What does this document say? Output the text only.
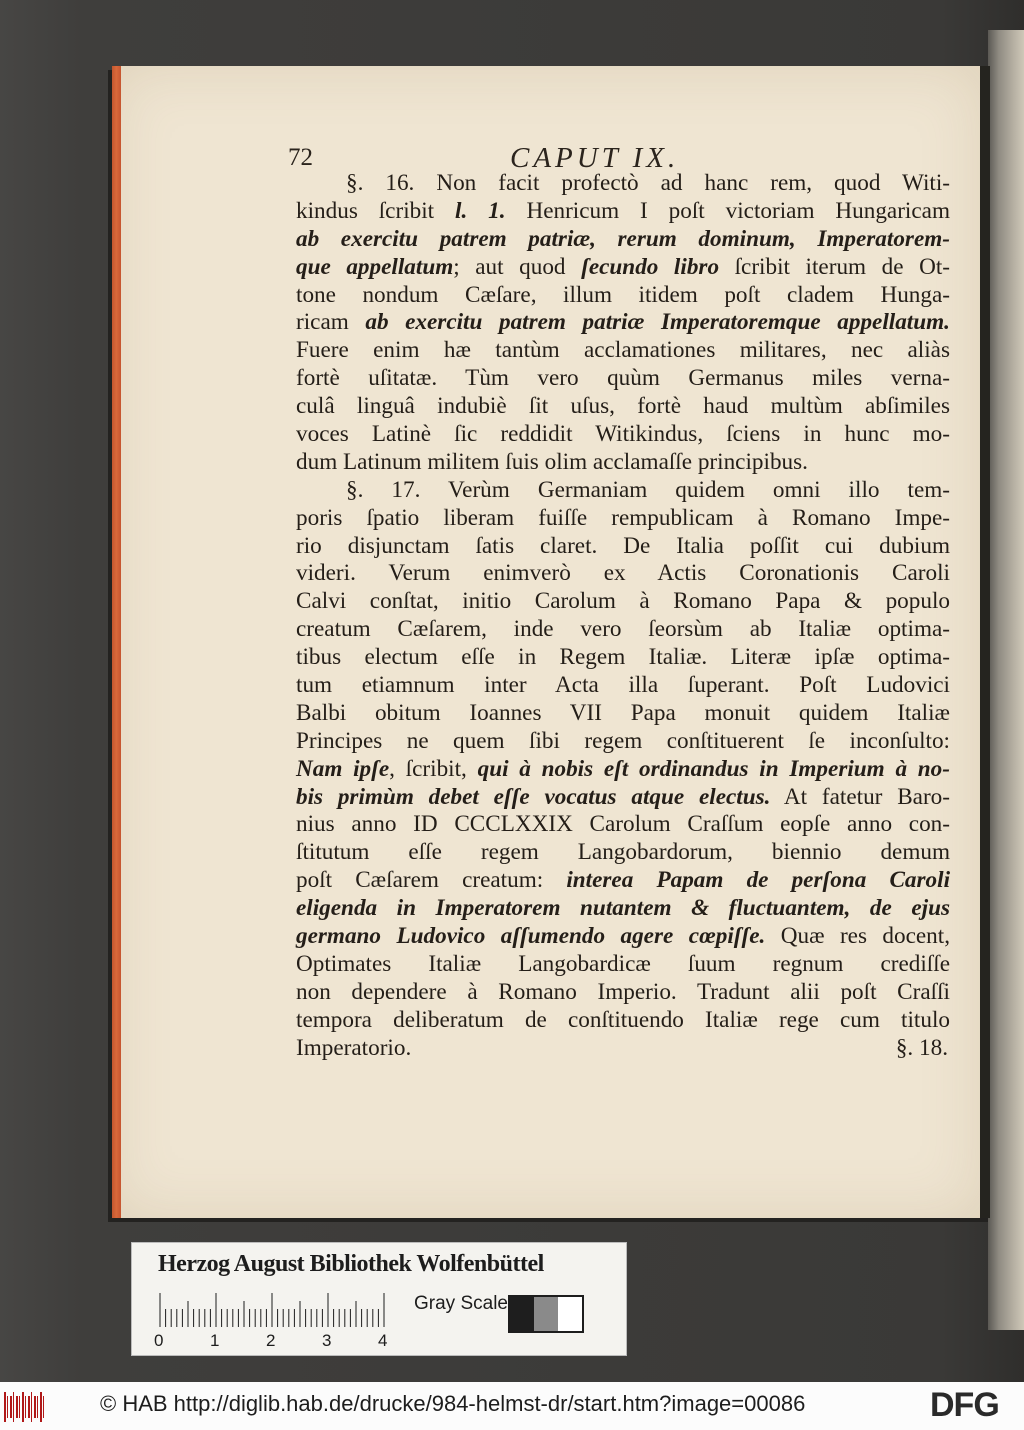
72	CAPUT IX.
§. 16. Non facit profectò ad hanc rem, quod Witi-
kindus ſcribit l. 1. Henricum I poſt victoriam Hungaricam
ab exercitu patrem patriæ, rerum dominum, Imperatorem-
que appellatum; aut quod ſecundo libro ſcribit iterum de Ot-
tone nondum Cæſare, illum itidem poſt cladem Hunga-
ricam ab exercitu patrem patriæ Imperatoremque appellatum.
Fuere enim hæ tantùm acclamationes militares, nec aliàs
fortè uſitatæ. Tùm vero quùm Germanus miles verna-
culâ linguâ indubiè ſit uſus, fortè haud multùm abſimiles
voces Latinè ſic reddidit Witikindus, ſciens in hunc mo-
dum Latinum militem ſuis olim acclamaſſe principibus.
§. 17. Verùm Germaniam quidem omni illo tem-
poris ſpatio liberam fuiſſe rempublicam à Romano Impe-
rio disjunctam ſatis claret. De Italia poſſit cui dubium
videri. Verum enimverò ex Actis Coronationis Caroli
Calvi conſtat, initio Carolum à Romano Papa & populo
creatum Cæſarem, inde vero ſeorsùm ab Italiæ optima-
tibus electum eſſe in Regem Italiæ. Literæ ipſæ optima-
tum etiamnum inter Acta illa ſuperant. Poſt Ludovici
Balbi obitum Ioannes VII Papa monuit quidem Italiæ
Principes ne quem ſibi regem conſtituerent ſe inconſulto:
Nam ipſe, ſcribit, qui à nobis eſt ordinandus in Imperium à no-
bis primùm debet eſſe vocatus atque electus. At fatetur Baro-
nius anno ID CCCLXXIX Carolum Craſſum eopſe anno con-
ſtitutum eſſe regem Langobardorum, biennio demum
poſt Cæſarem creatum: interea Papam de perſona Caroli
eligenda in Imperatorem nutantem & fluctuantem, de ejus
germano Ludovico aſſumendo agere cœpiſſe. Quæ res docent,
Optimates Italiæ Langobardicæ ſuum regnum crediſſe
non dependere à Romano Imperio. Tradunt alii poſt Craſſi
tempora deliberatum de conſtituendo Italiæ rege cum titulo
Imperatorio.	§. 18.
Herzog August Bibliothek Wolfenbüttel
0	1	2	3	4
Gray Scale
© HAB http://diglib.hab.de/drucke/984-helmst-dr/start.htm?image=00086	DFG
